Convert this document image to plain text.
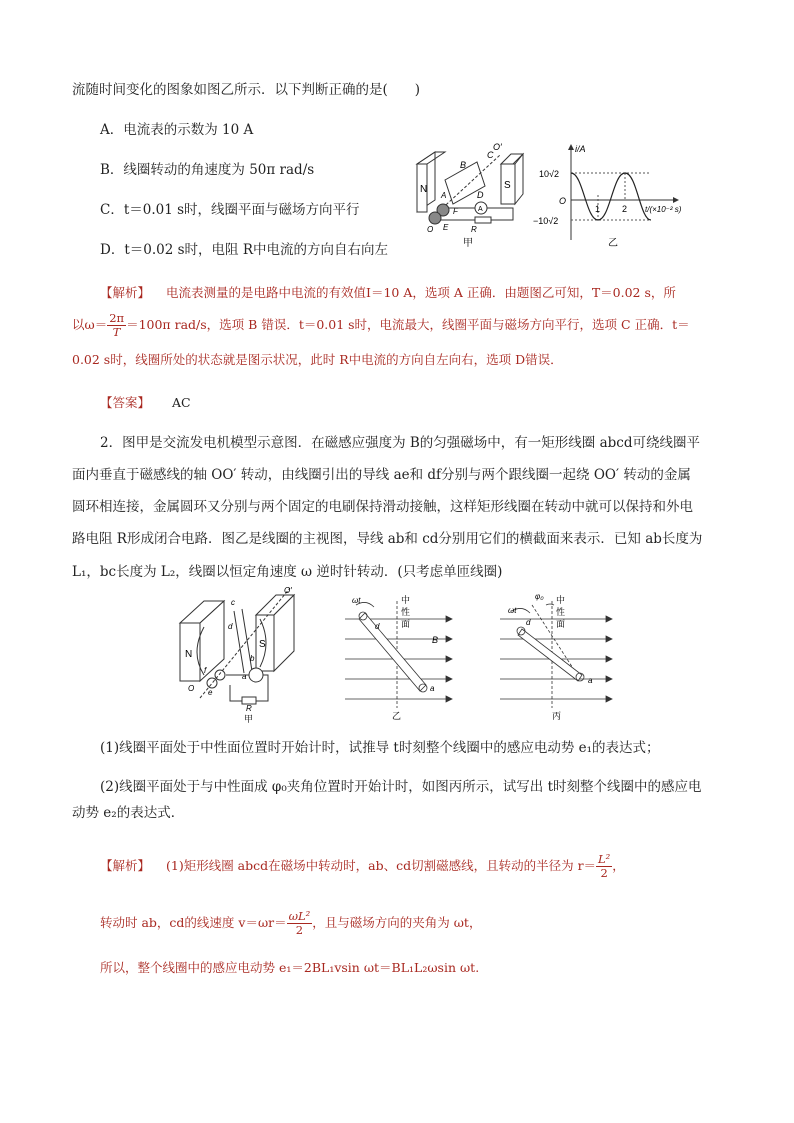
流随时间变化的图象如图乙所示．以下判断正确的是(　　)
A．电流表的示数为 10 A
B．线圈转动的角速度为 50π rad/s
C．t＝0.01 s时，线圈平面与磁场方向平行
D．t＝0.02 s时，电阻 R中电流的方向自右向左
N	S
B
C
O′
D
A
F
E
O
A
R
甲
i/A
10√2
O
−10√2
1 2 t/(×10⁻² s)
乙
【解析】 电流表测量的是电路中电流的有效值I＝10 A，选项 A 正确．由题图乙可知，T＝0.02 s，所
以$\omega= \frac{2\pi}{T} =100\pi$ rad/s，选项 B 错误．t＝0.01 s时，电流最大，线圈平面与磁场方向平行，选项 C 正确．t＝
0.02 s时，线圈所处的状态就是图示状况，此时 R中电流的方向自左向右，选项 D错误．
【答案】 AC
2．图甲是交流发电机模型示意图．在磁感应强度为 B的匀强磁场中，有一矩形线圈 abcd可绕线圈平
面内垂直于磁感线的轴 OO′ 转动，由线圈引出的导线 ae和 df分别与两个跟线圈一起绕 OO′ 转动的金属
圆环相连接，金属圆环又分别与两个固定的电刷保持滑动接触，这样矩形线圈在转动中就可以保持和外电
路电阻 R形成闭合电路．图乙是线圈的主视图，导线 ab和 cd分别用它们的横截面来表示．已知 ab长度为
L₁，bc长度为 L₂，线圈以恒定角速度 ω 逆时针转动．(只考虑单匝线圈)
N
S
c
O′
d
b
a
f
e
O
R
甲
ωt	中
性
面
B
d
a
乙
ωt
φ₀ 中
性
面
d
a
丙
(1)线圈平面处于中性面位置时开始计时，试推导 t时刻整个线圈中的感应电动势 e₁的表达式；
(2)线圈平面处于与中性面成 φ₀夹角位置时开始计时，如图丙所示，试写出 t时刻整个线圈中的感应电
动势 e₂的表达式．
【解析】 (1)矩形线圈 abcd在磁场中转动时，ab、cd切割磁感线，且转动的半径为 $r= \frac{\text{L²}}{2}$ ，
转动时 ab，cd的线速度 $v=\omega r= \frac{\text{ωL²}}{2}$ ，且与磁场方向的夹角为 ωt，
所以，整个线圈中的感应电动势 e₁＝2BL₁vsin ωt＝BL₁L₂ωsin ωt.
